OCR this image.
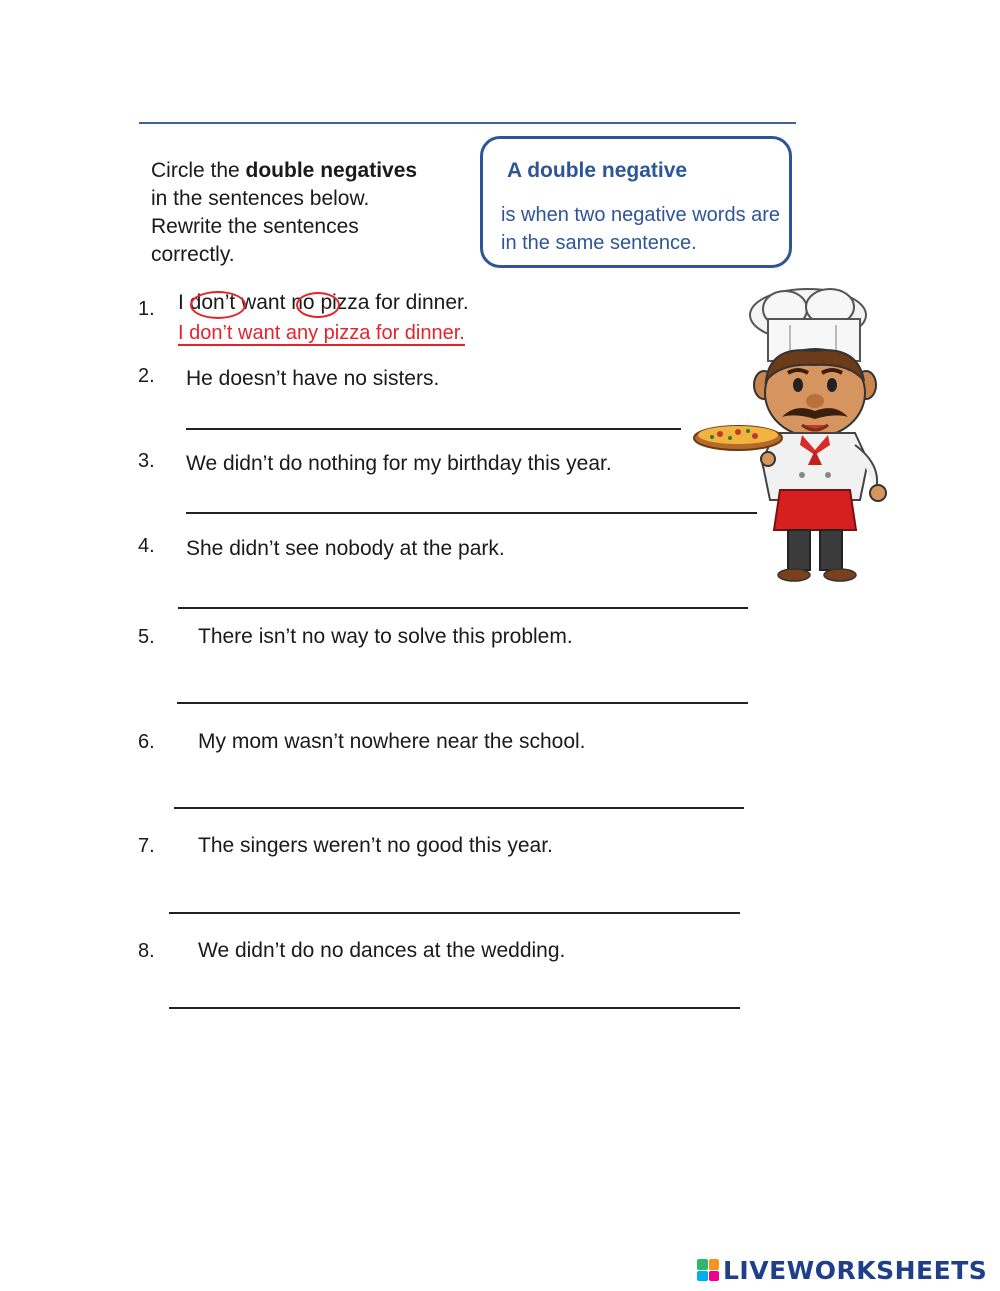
Circle the double negatives
in the sentences below.
Rewrite the sentences
correctly.
A double negative
is when two negative words are in the same sentence.
1. I don’t want no pizza for dinner.
I don’t want any pizza for dinner.
2. He doesn’t have no sisters.
3. We didn’t do nothing for my birthday this year.
4. She didn’t see nobody at the park.
5. There isn’t no way to solve this problem.
6. My mom wasn’t nowhere near the school.
7. The singers weren’t no good this year.
8. We didn’t do no dances at the wedding.
LIVEWORKSHEETS
